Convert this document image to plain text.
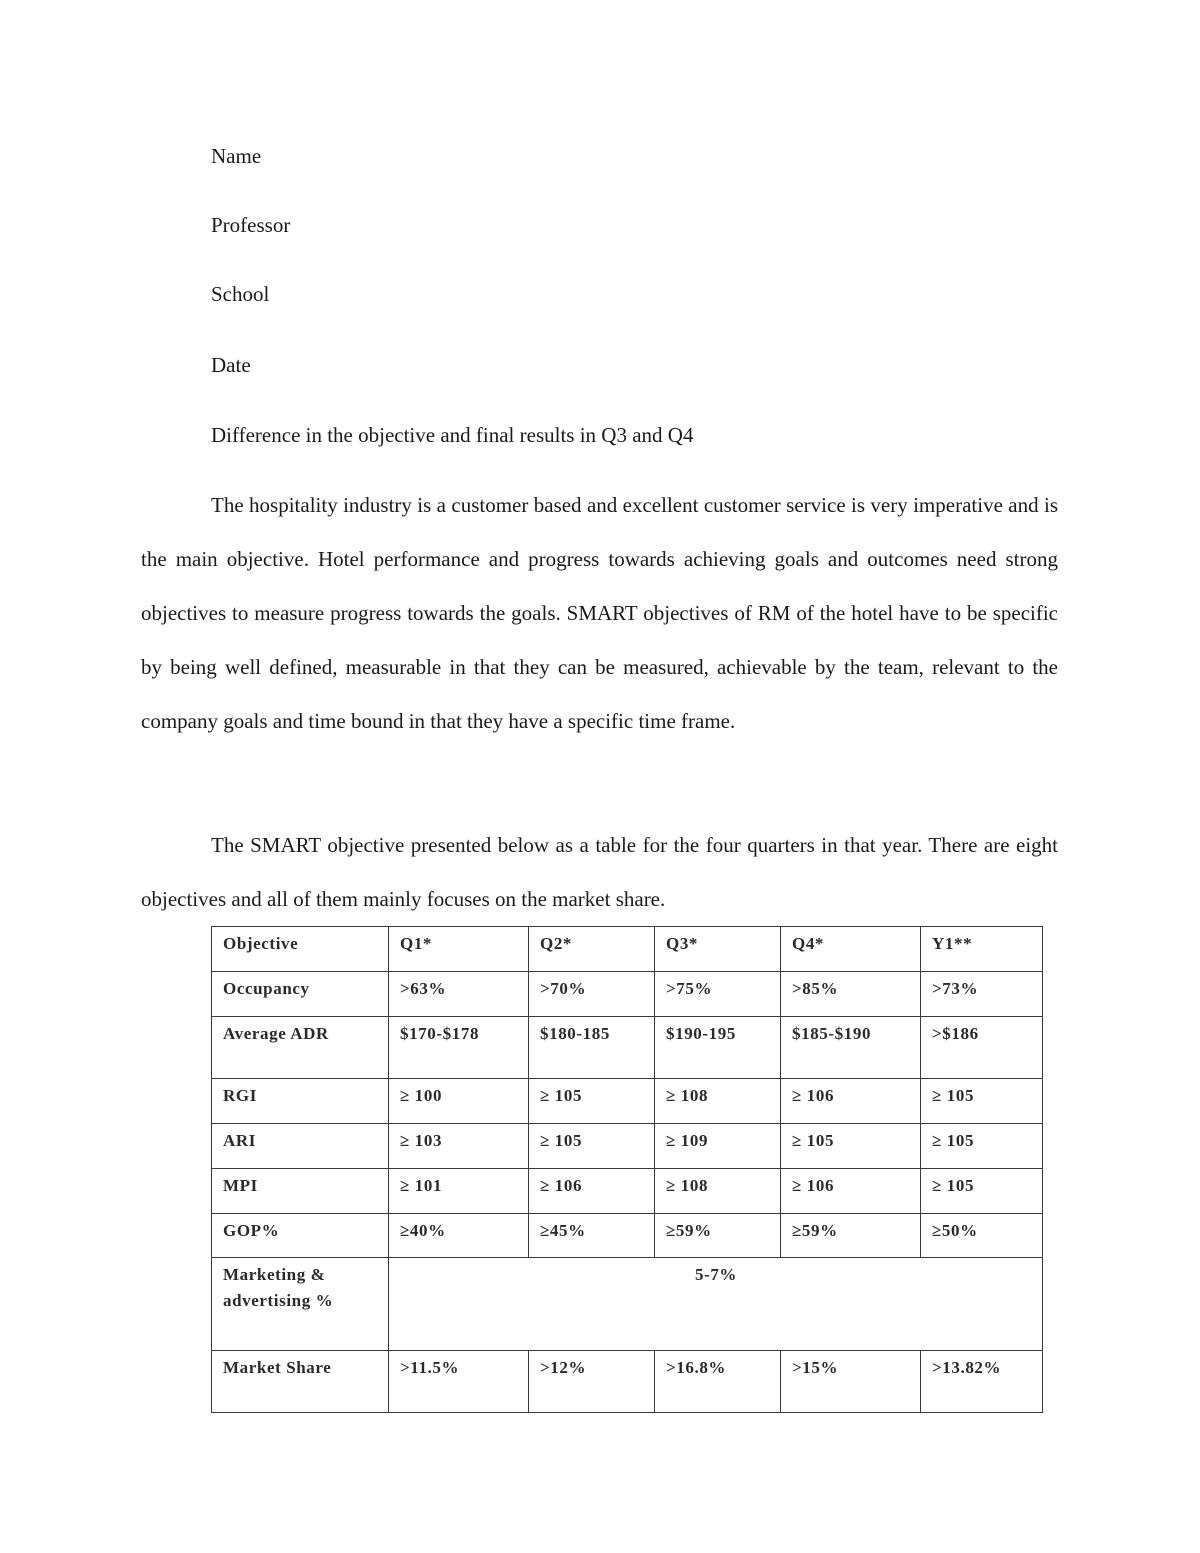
Name
Professor
School
Date
Difference in the objective and final results in Q3 and Q4

The hospitality industry is a customer based and excellent customer service is very imperative and is the main objective. Hotel performance and progress towards achieving goals and outcomes need strong objectives to measure progress towards the goals. SMART objectives of RM of the hotel have to be specific by being well defined, measurable in that they can be measured, achievable by the team, relevant to the company goals and time bound in that they have a specific time frame.

The SMART objective presented below as a table for the four quarters in that year. There are eight objectives and all of them mainly focuses on the market share.

Objective	Q1*	Q2*	Q3*	Q4*	Y1**
Occupancy	>63%	>70%	>75%	>85%	>73%
Average ADR	$170-$178	$180-185	$190-195	$185-$190	>$186
RGI	≥ 100	≥ 105	≥ 108	≥ 106	≥ 105
ARI	≥ 103	≥ 105	≥ 109	≥ 105	≥ 105
MPI	≥ 101	≥ 106	≥ 108	≥ 106	≥ 105
GOP%	≥40%	≥45%	≥59%	≥59%	≥50%
Marketing & advertising %	5-7%				
Market Share	>11.5%	>12%	>16.8%	>15%	>13.82%
